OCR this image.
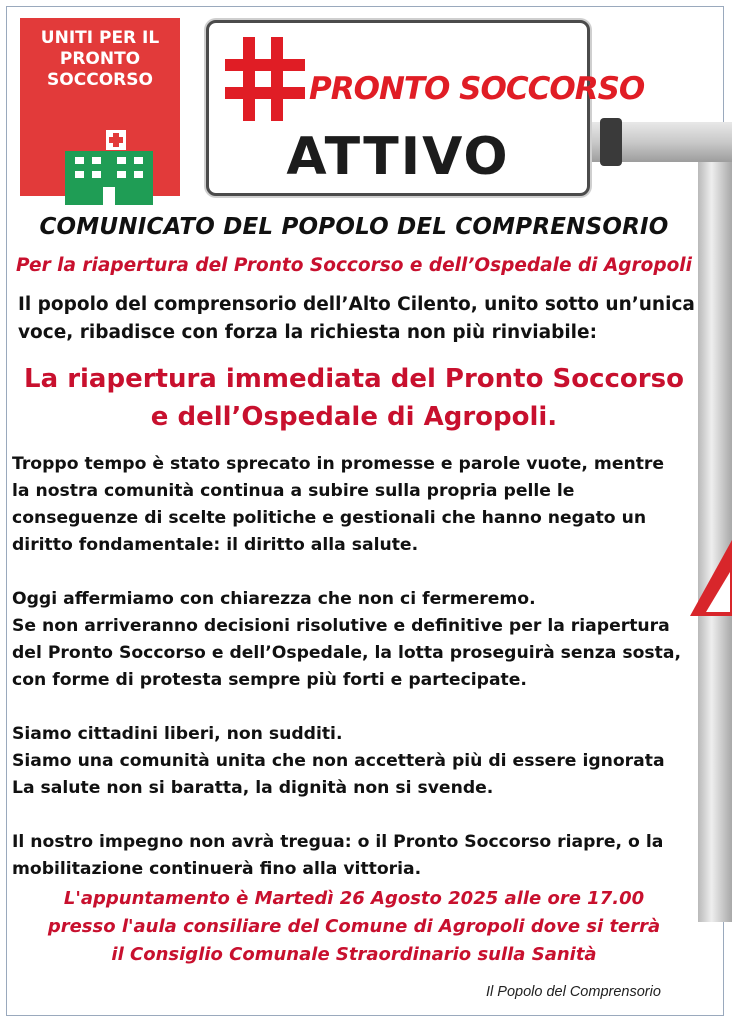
UNITI PER IL
PRONTO
SOCCORSO	PRONTO SOCCORSO
ATTIVO
COMUNICATO DEL POPOLO DEL COMPRENSORIO
Per la riapertura del Pronto Soccorso e dell’Ospedale di Agropoli
Il popolo del comprensorio dell’Alto Cilento, unito sotto un’unica
voce, ribadisce con forza la richiesta non più rinviabile:
La riapertura immediata del Pronto Soccorso e dell’Ospedale di Agropoli.

Troppo tempo è stato sprecato in promesse e parole vuote, mentre
la nostra comunità continua a subire sulla propria pelle le
conseguenze di scelte politiche e gestionali che hanno negato un
diritto fondamentale: il diritto alla salute.

Oggi affermiamo con chiarezza che non ci fermeremo.
Se non arriveranno decisioni risolutive e definitive per la riapertura
del Pronto Soccorso e dell’Ospedale, la lotta proseguirà senza sosta,
con forme di protesta sempre più forti e partecipate.

Siamo cittadini liberi, non sudditi.
Siamo una comunità unita che non accetterà più di essere ignorata
La salute non si baratta, la dignità non si svende.

Il nostro impegno non avrà tregua: o il Pronto Soccorso riapre, o la
mobilitazione continuerà fino alla vittoria.

L'appuntamento è Martedì 26 Agosto 2025 alle ore 17.00
presso l'aula consiliare del Comune di Agropoli dove si terrà
il Consiglio Comunale Straordinario sulla Sanità
Il Popolo del Comprensorio
